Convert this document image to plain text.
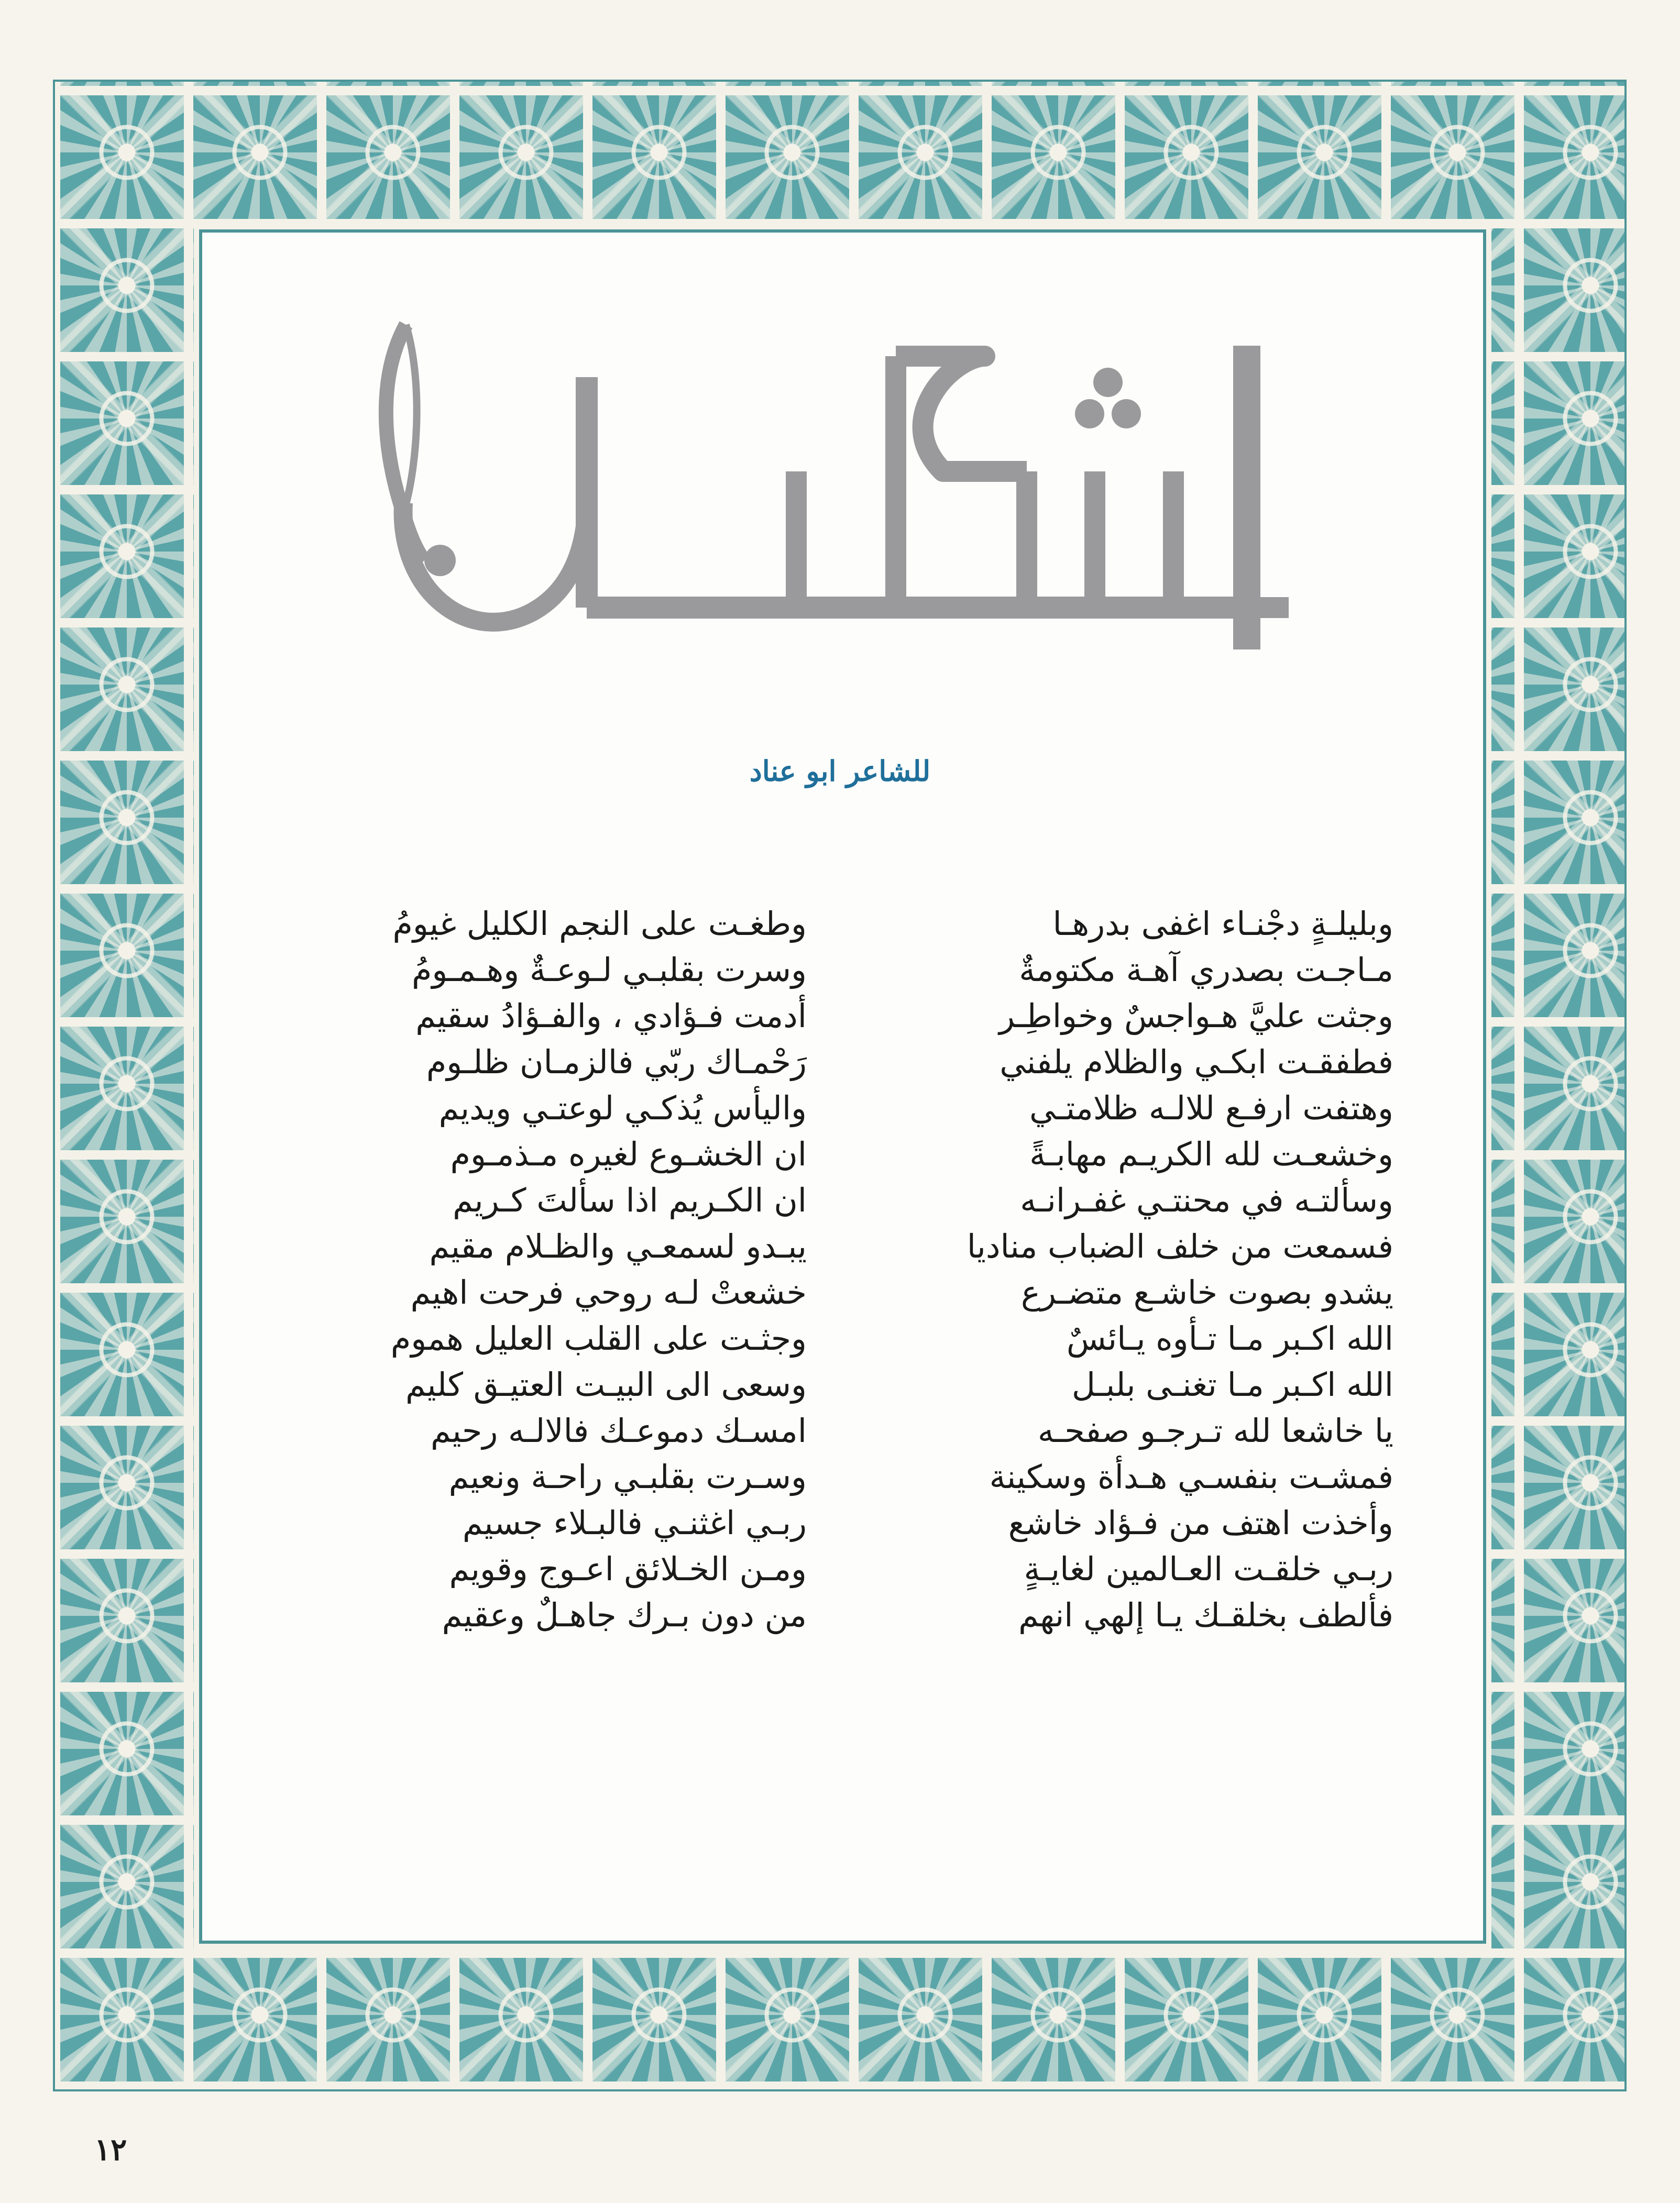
للشاعر ابو عناد
وبليلـةٍ دجْنـاء اغفى بدرهـا
مـاجـت بصدري آهـة مكتومةٌ
وجثت عليَّ هـواجسٌ وخواطِـر
فطفقـت ابكـي والظلام يلفني
وهتفت ارفـع للالـه ظلامتـي
وخشعـت لله الكريـم مهابـةً
وسألتـه في محنتـي غفـرانـه
فسمعت من خلف الضباب مناديا
يشدو بصوت خاشـع متضـرع
الله اكـبر مـا تـأوه يـائسٌ
الله اكـبر مـا تغنـى بلبـل
يا خاشعا لله تـرجـو صفحـه
فمشـت بنفسـي هـدأة وسكينة
وأخذت اهتف من فـؤاد خاشع
ربـي خلقـت العـالمين لغايـةٍ
فألطف بخلقـك يـا إلهي انهم
وطغـت على النجم الكليل غيومُ
وسرت بقلبـي لـوعـةٌ وهـمـومُ
أدمت فـؤادي ، والفـؤادُ سقيم
رَحْمـاك ربّي فالزمـان ظلـوم
واليأس يُذكـي لوعتـي ويديم
ان الخشـوع لغيره مـذمـوم
ان الكـريم اذا سألتَ كـريم
يبـدو لسمعـي والظـلام مقيم
خشعتْ لـه روحي فرحت اهيم
وجثـت على القلب العليل هموم
وسعى الى البيـت العتيـق كليم
امسـك دموعـك فالالـه رحيم
وسـرت بقلبـي راحـة ونعيم
ربـي اغثنـي فالبـلاء جسيم
ومـن الخـلائق اعـوج وقويم
من دون بـرك جاهـلٌ وعقيم
١٢
